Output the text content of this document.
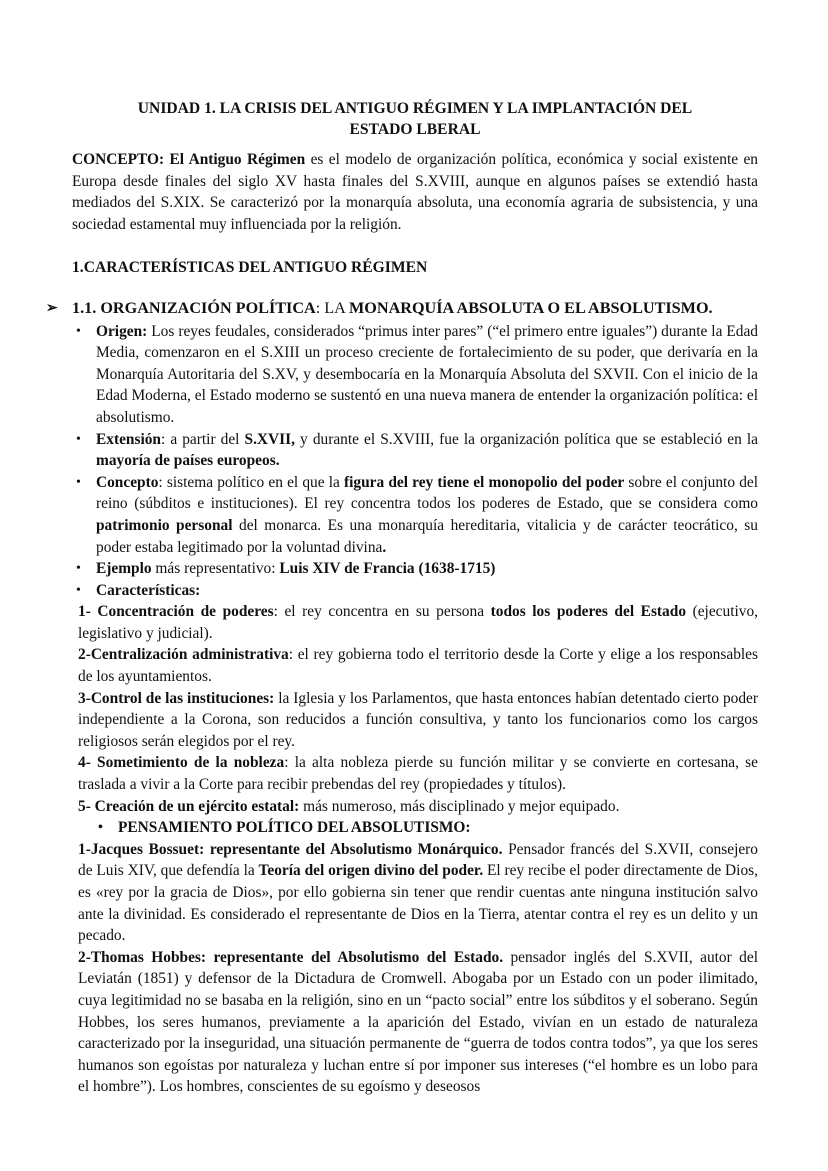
UNIDAD 1. LA CRISIS DEL ANTIGUO RÉGIMEN Y LA IMPLANTACIÓN DEL
ESTADO LBERAL

CONCEPTO: El Antiguo Régimen es el modelo de organización política, económica y social existente en Europa desde finales del siglo XV hasta finales del S.XVIII, aunque en algunos países se extendió hasta mediados del S.XIX. Se caracterizó por la monarquía absoluta, una economía agraria de subsistencia, y una sociedad estamental muy influenciada por la religión.

1.CARACTERÍSTICAS DEL ANTIGUO RÉGIMEN

➢ 1.1. ORGANIZACIÓN POLÍTICA: LA MONARQUÍA ABSOLUTA O EL ABSOLUTISMO.

• Origen: Los reyes feudales, considerados “primus inter pares” (“el primero entre iguales”) durante la Edad Media, comenzaron en el S.XIII un proceso creciente de fortalecimiento de su poder, que derivaría en la Monarquía Autoritaria del S.XV, y desembocaría en la Monarquía Absoluta del SXVII. Con el inicio de la Edad Moderna, el Estado moderno se sustentó en una nueva manera de entender la organización política: el absolutismo.
• Extensión: a partir del S.XVII, y durante el S.XVIII, fue la organización política que se estableció en la mayoría de países europeos.
• Concepto: sistema político en el que la figura del rey tiene el monopolio del poder sobre el conjunto del reino (súbditos e instituciones). El rey concentra todos los poderes de Estado, que se considera como patrimonio personal del monarca. Es una monarquía hereditaria, vitalicia y de carácter teocrático, su poder estaba legitimado por la voluntad divina.
• Ejemplo más representativo: Luis XIV de Francia (1638-1715)
• Características:

1- Concentración de poderes: el rey concentra en su persona todos los poderes del Estado (ejecutivo, legislativo y judicial).

2-Centralización administrativa: el rey gobierna todo el territorio desde la Corte y elige a los responsables de los ayuntamientos.

3-Control de las instituciones: la Iglesia y los Parlamentos, que hasta entonces habían detentado cierto poder independiente a la Corona, son reducidos a función consultiva, y tanto los funcionarios como los cargos religiosos serán elegidos por el rey.

4- Sometimiento de la nobleza: la alta nobleza pierde su función militar y se convierte en cortesana, se traslada a vivir a la Corte para recibir prebendas del rey (propiedades y títulos).

5- Creación de un ejército estatal: más numeroso, más disciplinado y mejor equipado.

• PENSAMIENTO POLÍTICO DEL ABSOLUTISMO:

1-Jacques Bossuet: representante del Absolutismo Monárquico. Pensador francés del S.XVII, consejero de Luis XIV, que defendía la Teoría del origen divino del poder. El rey recibe el poder directamente de Dios, es «rey por la gracia de Dios», por ello gobierna sin tener que rendir cuentas ante ninguna institución salvo ante la divinidad. Es considerado el representante de Dios en la Tierra, atentar contra el rey es un delito y un pecado.

2-Thomas Hobbes: representante del Absolutismo del Estado. pensador inglés del S.XVII, autor del Leviatán (1851) y defensor de la Dictadura de Cromwell. Abogaba por un Estado con un poder ilimitado, cuya legitimidad no se basaba en la religión, sino en un “pacto social” entre los súbditos y el soberano. Según Hobbes, los seres humanos, previamente a la aparición del Estado, vivían en un estado de naturaleza caracterizado por la inseguridad, una situación permanente de “guerra de todos contra todos”, ya que los seres humanos son egoístas por naturaleza y luchan entre sí por imponer sus intereses (“el hombre es un lobo para el hombre”). Los hombres, conscientes de su egoísmo y deseosos
